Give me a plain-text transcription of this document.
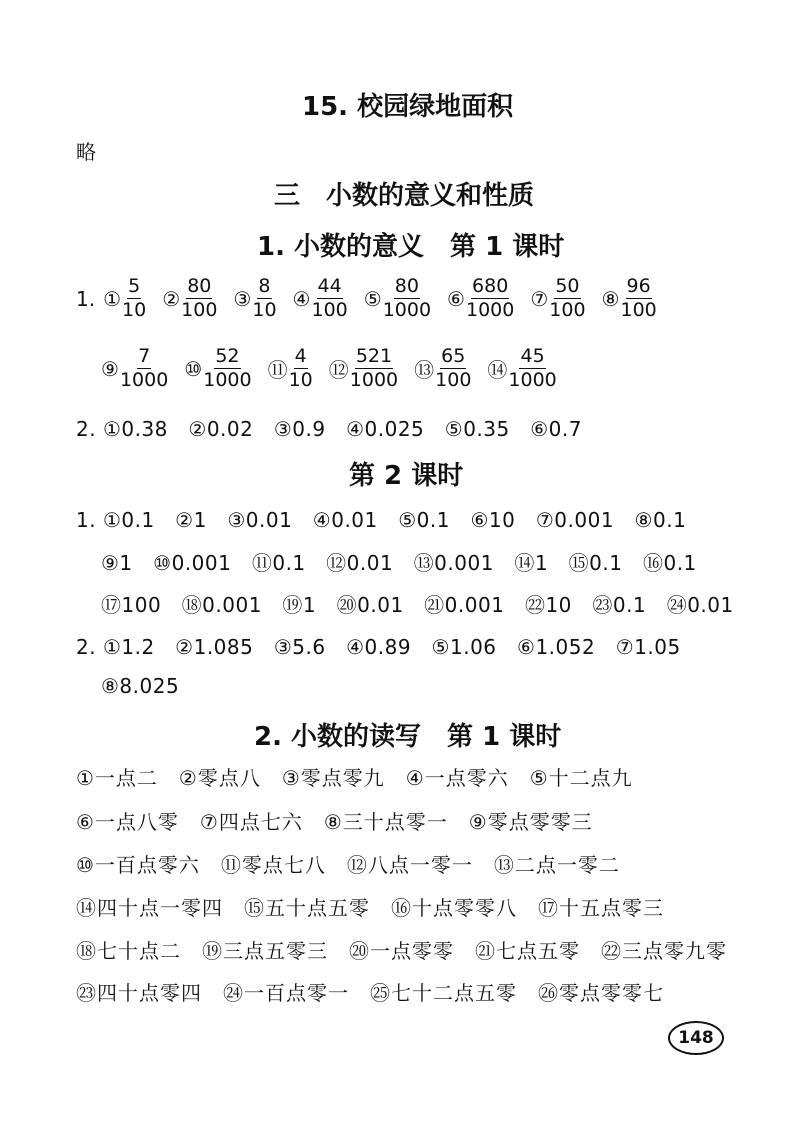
15. 校园绿地面积
略
三　小数的意义和性质
1. 小数的意义　第 1 课时
1. ① $\frac{5}{10}$ ② $\frac{80}{100}$ ③ $\frac{8}{10}$ ④ $\frac{44}{100}$ ⑤ $\frac{80}{1000}$ ⑥ $\frac{680}{1000}$ ⑦ $\frac{50}{100}$ ⑧ $\frac{96}{100}$
⑨ $\frac{7}{1000}$ ⑩ $\frac{52}{1000}$ ⑪ $\frac{4}{10}$ ⑫ $\frac{521}{1000}$ ⑬ $\frac{65}{100}$ ⑭ $\frac{45}{1000}$
2. ①0.38　②0.02　③0.9　④0.025　⑤0.35　⑥0.7
第 2 课时
1. ①0.1　②1　③0.01　④0.01　⑤0.1　⑥10　⑦0.001　⑧0.1
⑨1　⑩0.001　⑪0.1　⑫0.01　⑬0.001　⑭1　⑮0.1　⑯0.1
⑰100　⑱0.001　⑲1　⑳0.01　㉑0.001　㉒10　㉓0.1　㉔0.01
2. ①1.2　②1.085　③5.6　④0.89　⑤1.06　⑥1.052　⑦1.05
⑧8.025
2. 小数的读写　第 1 课时
①一点二　②零点八　③零点零九　④一点零六　⑤十二点九
⑥一点八零　⑦四点七六　⑧三十点零一　⑨零点零零三
⑩一百点零六　⑪零点七八　⑫八点一零一　⑬二点一零二
⑭四十点一零四　⑮五十点五零　⑯十点零零八　⑰十五点零三
⑱七十点二　⑲三点五零三　⑳一点零零　㉑七点五零　㉒三点零九零
㉓四十点零四　㉔一百点零一　㉕七十二点五零　㉖零点零零七
148
